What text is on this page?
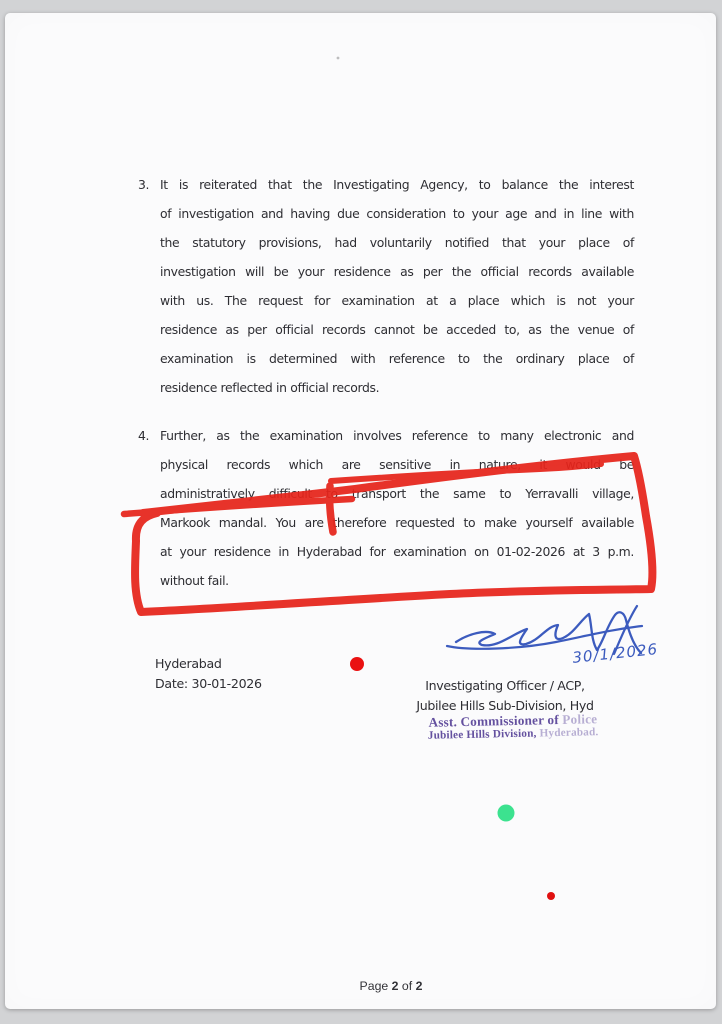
3. It is reiterated that the Investigating Agency, to balance the interest
of investigation and having due consideration to your age and in line with
the statutory provisions, had voluntarily notified that your place of
investigation will be your residence as per the official records available
with us. The request for examination at a place which is not your
residence as per official records cannot be acceded to, as the venue of
examination is determined with reference to the ordinary place of
residence reflected in official records.
4. Further, as the examination involves reference to many electronic and
physical records which are sensitive in nature, it would be
administratively difficult to transport the same to Yerravalli village,
Markook mandal. You are therefore requested to make yourself available
at your residence in Hyderabad for examination on 01-02-2026 at 3 p.m.
without fail.
Hyderabad
Date: 30-01-2026	Investigating Officer / ACP,
Jubilee Hills Sub-Division, Hyd
Asst. Commissioner of Police
Jubilee Hills Division, Hyderabad.
Page 2 of 2
30/1/2026
